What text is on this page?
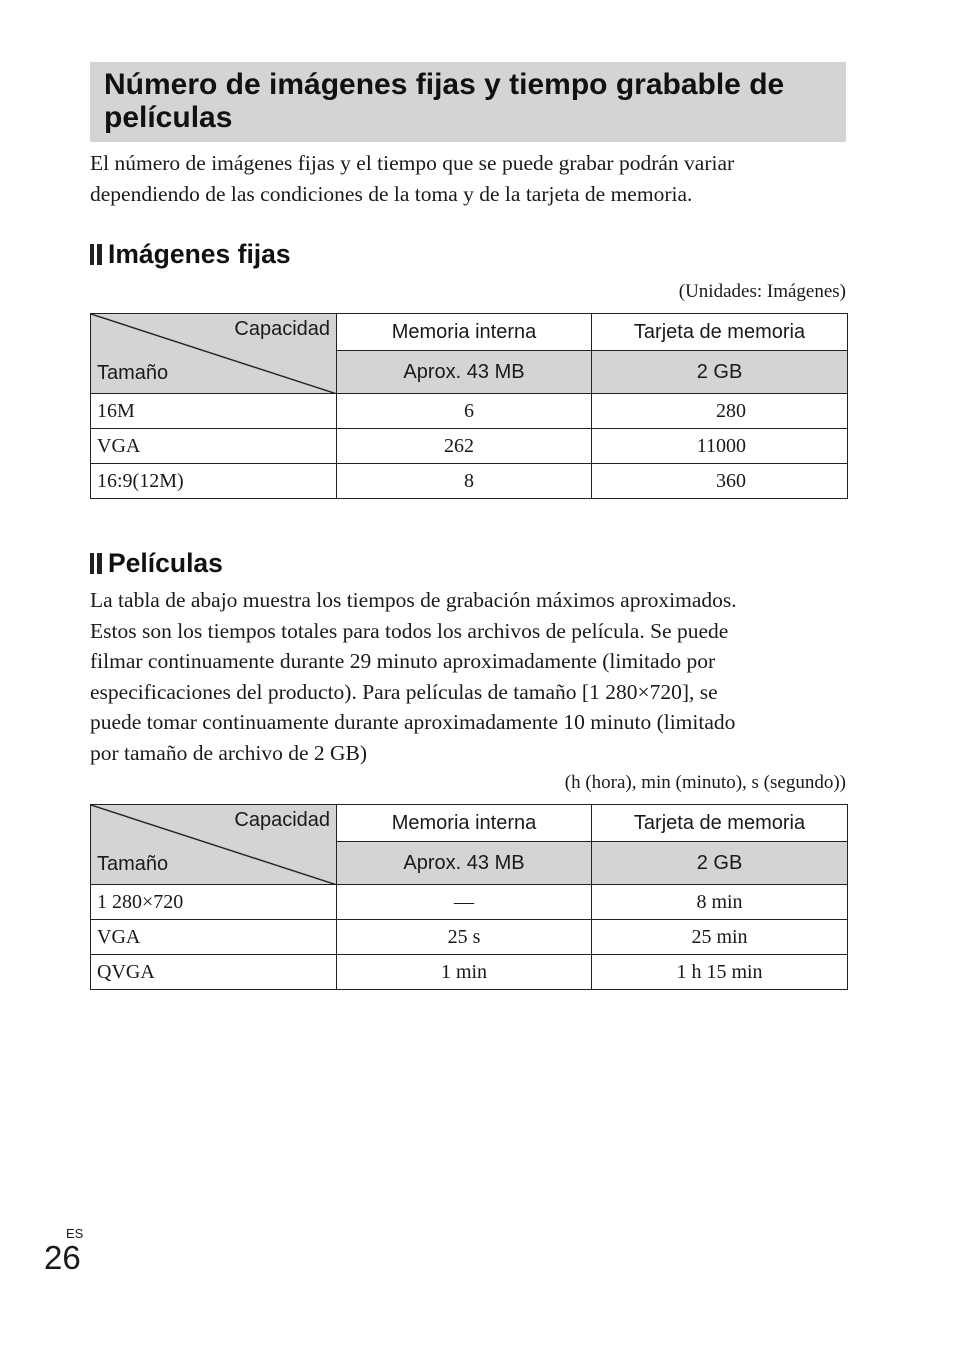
Número de imágenes fijas y tiempo grabable de películas

El número de imágenes fijas y el tiempo que se puede grabar podrán variar
dependiendo de las condiciones de la toma y de la tarjeta de memoria.

Imágenes fijas

(Unidades: Imágenes)

Capacidad
Tamaño	Memoria interna	Tarjeta de memoria
	Aprox. 43 MB	2 GB
16M	6	280
VGA	262	11000
16:9(12M)	8	360
Películas

La tabla de abajo muestra los tiempos de grabación máximos aproximados.
Estos son los tiempos totales para todos los archivos de película. Se puede
filmar continuamente durante 29 minuto aproximadamente (limitado por
especificaciones del producto). Para películas de tamaño [1 280×720], se
puede tomar continuamente durante aproximadamente 10 minuto (limitado
por tamaño de archivo de 2 GB)

(h (hora), min (minuto), s (segundo))

Capacidad
Tamaño	Memoria interna	Tarjeta de memoria
	Aprox. 43 MB	2 GB
1 280×720	—	8 min
VGA	25 s	25 min
QVGA	1 min	1 h 15 min
ES
26
